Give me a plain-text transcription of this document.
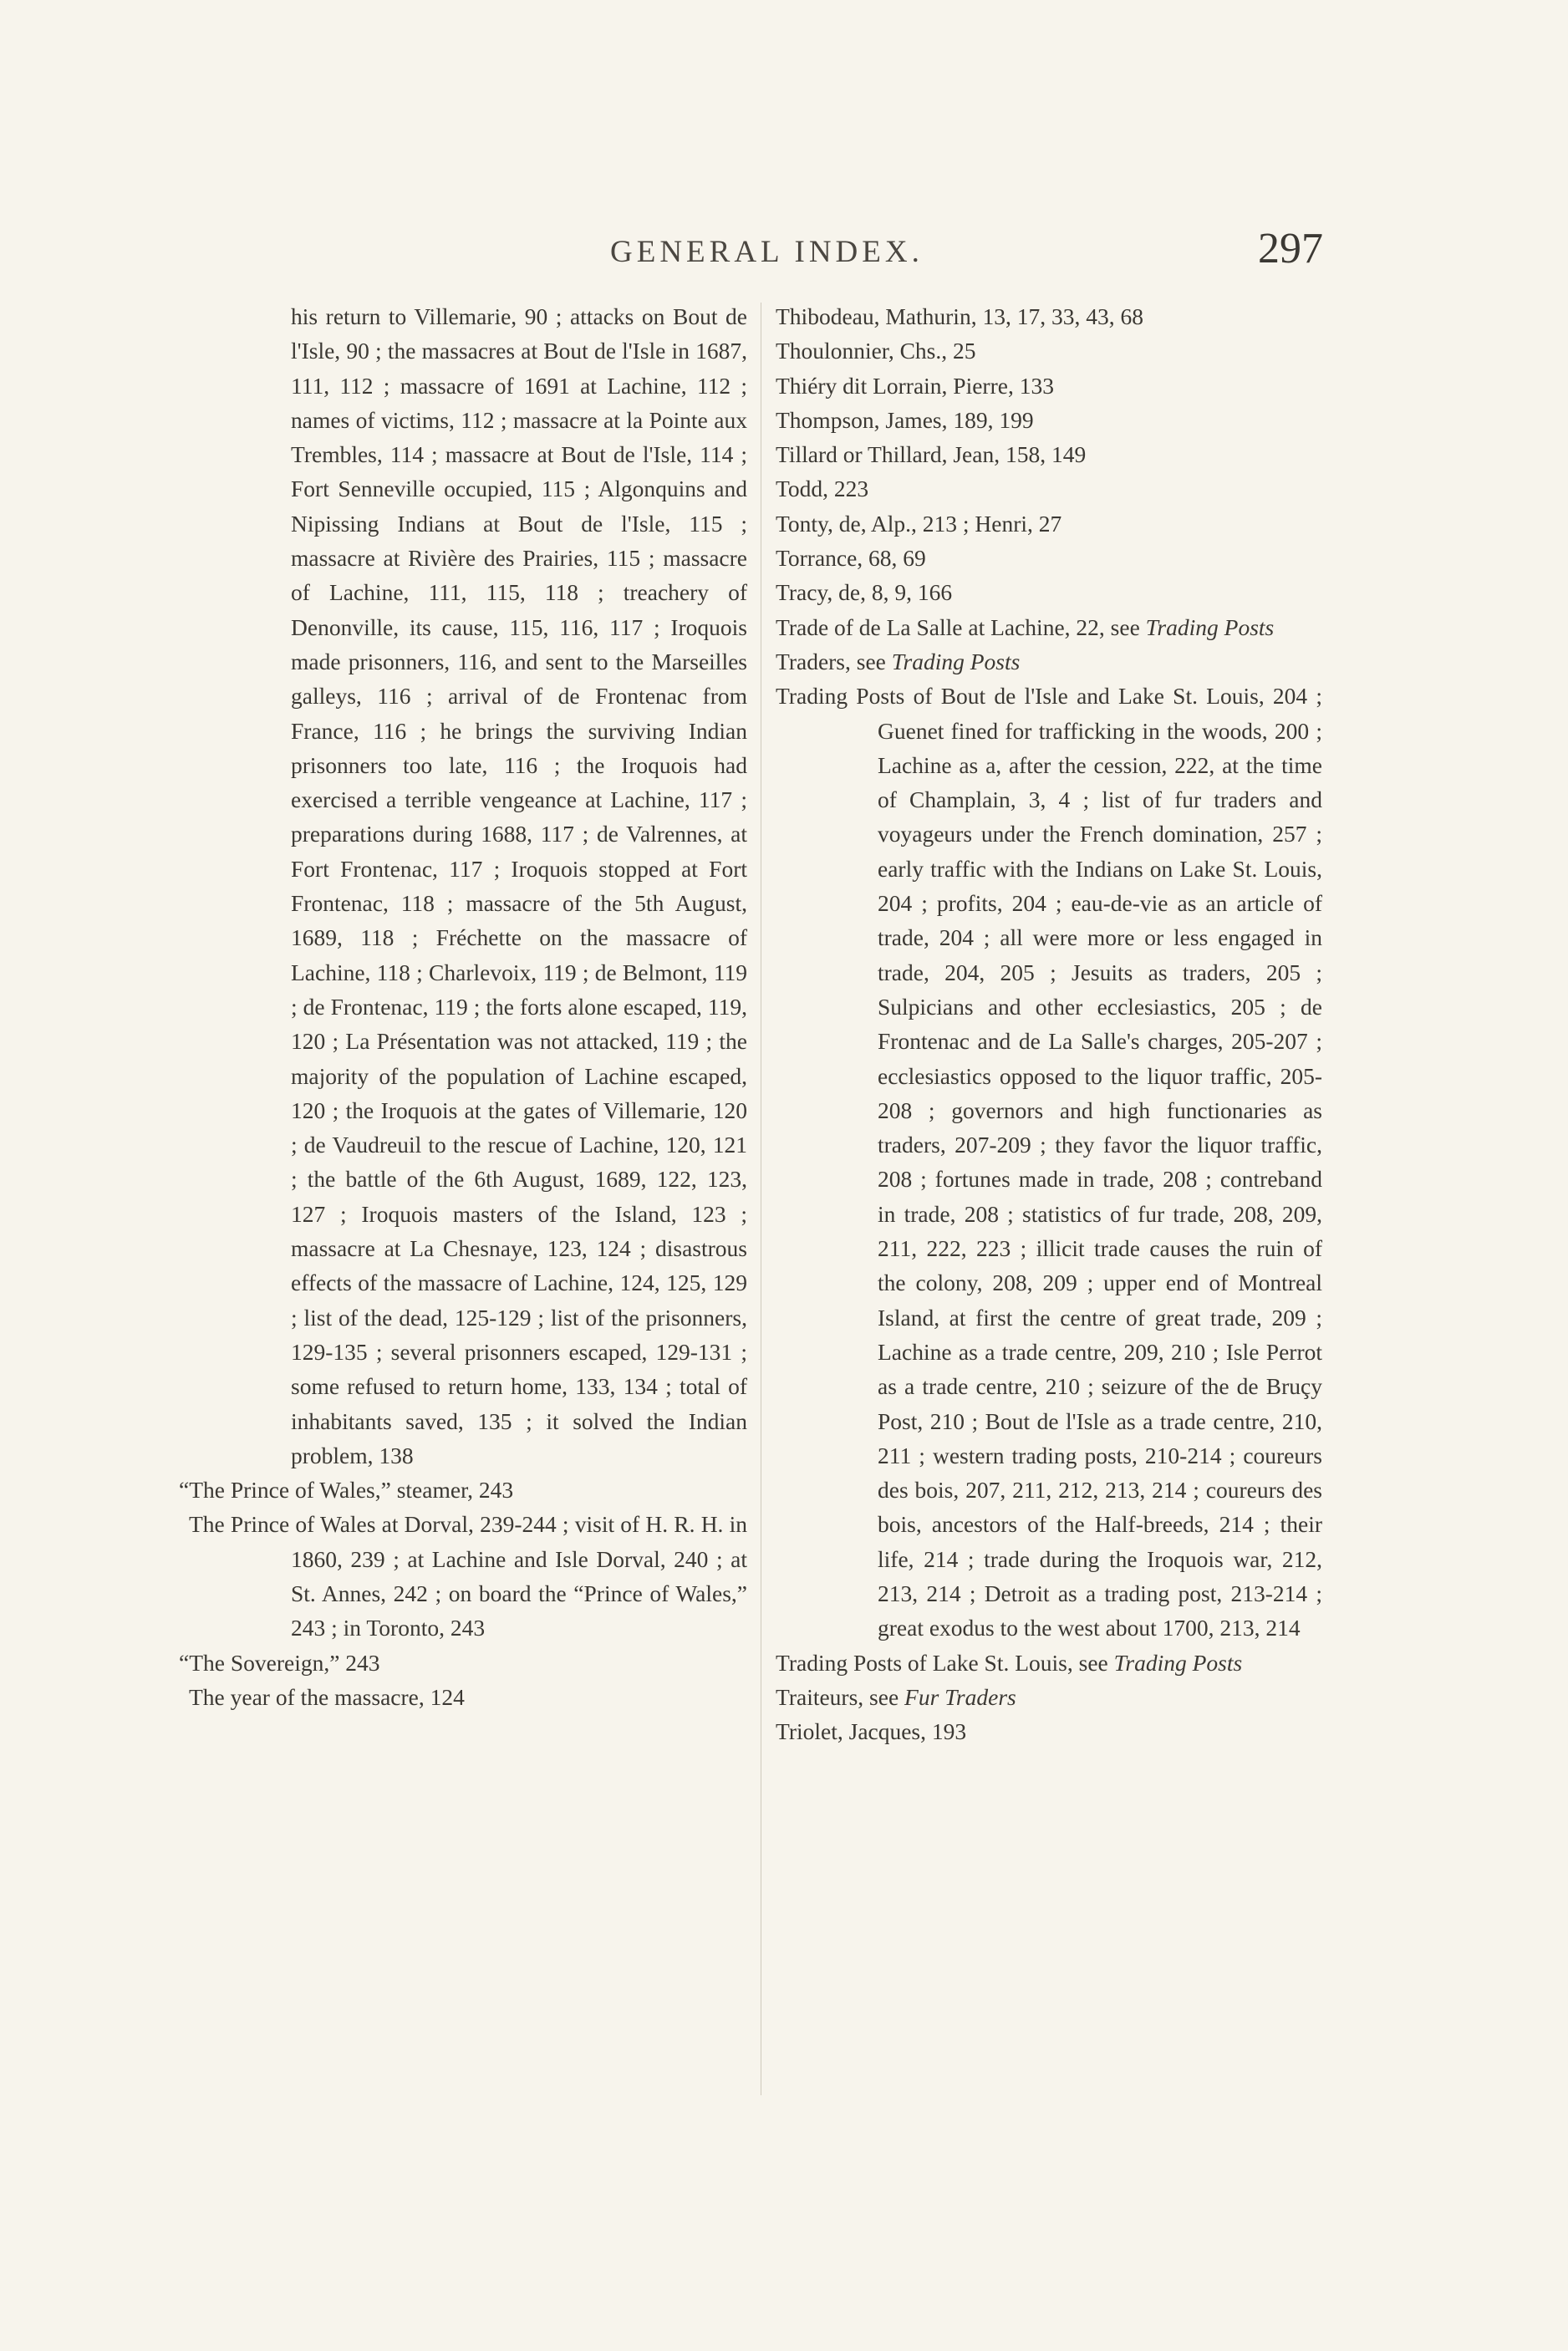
GENERAL INDEX.	297

his return to Villemarie, 90 ; attacks on Bout de l'Isle, 90 ; the massacres at Bout de l'Isle in 1687, 111, 112 ; massacre of 1691 at Lachine, 112 ; names of victims, 112 ; massacre at la Pointe aux Trembles, 114 ; massacre at Bout de l'Isle, 114 ; Fort Senneville occupied, 115 ; Algonquins and Nipissing Indians at Bout de l'Isle, 115 ; massacre at Rivière des Prairies, 115 ; massacre of Lachine, 111, 115, 118 ; treachery of Denonville, its cause, 115, 116, 117 ; Iroquois made prisonners, 116, and sent to the Marseilles galleys, 116 ; arrival of de Frontenac from France, 116 ; he brings the surviving Indian prisonners too late, 116 ; the Iroquois had exercised a terrible vengeance at Lachine, 117 ; preparations during 1688, 117 ; de Valrennes, at Fort Frontenac, 117 ; Iroquois stopped at Fort Frontenac, 118 ; massacre of the 5th August, 1689, 118 ; Fréchette on the massacre of Lachine, 118 ; Charlevoix, 119 ; de Belmont, 119 ; de Frontenac, 119 ; the forts alone escaped, 119, 120 ; La Présentation was not attacked, 119 ; the majority of the population of Lachine escaped, 120 ; the Iroquois at the gates of Villemarie, 120 ; de Vaudreuil to the rescue of Lachine, 120, 121 ; the battle of the 6th August, 1689, 122, 123, 127 ; Iroquois masters of the Island, 123 ; massacre at La Chesnaye, 123, 124 ; disastrous effects of the massacre of Lachine, 124, 125, 129 ; list of the dead, 125-129 ; list of the prisonners, 129-135 ; several prisonners escaped, 129-131 ; some refused to return home, 133, 134 ; total of inhabitants saved, 135 ; it solved the Indian problem, 138

“The Prince of Wales,” steamer, 243

The Prince of Wales at Dorval, 239-244 ; visit of H. R. H. in 1860, 239 ; at Lachine and Isle Dorval, 240 ; at St. Annes, 242 ; on board the “Prince of Wales,” 243 ; in Toronto, 243

“The Sovereign,” 243

The year of the massacre, 124

Thibodeau, Mathurin, 13, 17, 33, 43, 68

Thoulonnier, Chs., 25

Thiéry dit Lorrain, Pierre, 133

Thompson, James, 189, 199

Tillard or Thillard, Jean, 158, 149

Todd, 223

Tonty, de, Alp., 213 ; Henri, 27

Torrance, 68, 69

Tracy, de, 8, 9, 166

Trade of de La Salle at Lachine, 22, see Trading Posts

Traders, see Trading Posts

Trading Posts of Bout de l'Isle and Lake St. Louis, 204 ; Guenet fined for trafficking in the woods, 200 ; Lachine as a, after the cession, 222, at the time of Champlain, 3, 4 ; list of fur traders and voyageurs under the French domination, 257 ; early traffic with the Indians on Lake St. Louis, 204 ; profits, 204 ; eau-de-vie as an article of trade, 204 ; all were more or less engaged in trade, 204, 205 ; Jesuits as traders, 205 ; Sulpicians and other ecclesiastics, 205 ; de Frontenac and de La Salle's charges, 205-207 ; ecclesiastics opposed to the liquor traffic, 205-208 ; governors and high functionaries as traders, 207-209 ; they favor the liquor traffic, 208 ; fortunes made in trade, 208 ; contreband in trade, 208 ; statistics of fur trade, 208, 209, 211, 222, 223 ; illicit trade causes the ruin of the colony, 208, 209 ; upper end of Montreal Island, at first the centre of great trade, 209 ; Lachine as a trade centre, 209, 210 ; Isle Perrot as a trade centre, 210 ; seizure of the de Bruçy Post, 210 ; Bout de l'Isle as a trade centre, 210, 211 ; western trading posts, 210-214 ; coureurs des bois, 207, 211, 212, 213, 214 ; coureurs des bois, ancestors of the Half-breeds, 214 ; their life, 214 ; trade during the Iroquois war, 212, 213, 214 ; Detroit as a trading post, 213-214 ; great exodus to the west about 1700, 213, 214

Trading Posts of Lake St. Louis, see Trading Posts

Traiteurs, see Fur Traders

Triolet, Jacques, 193
